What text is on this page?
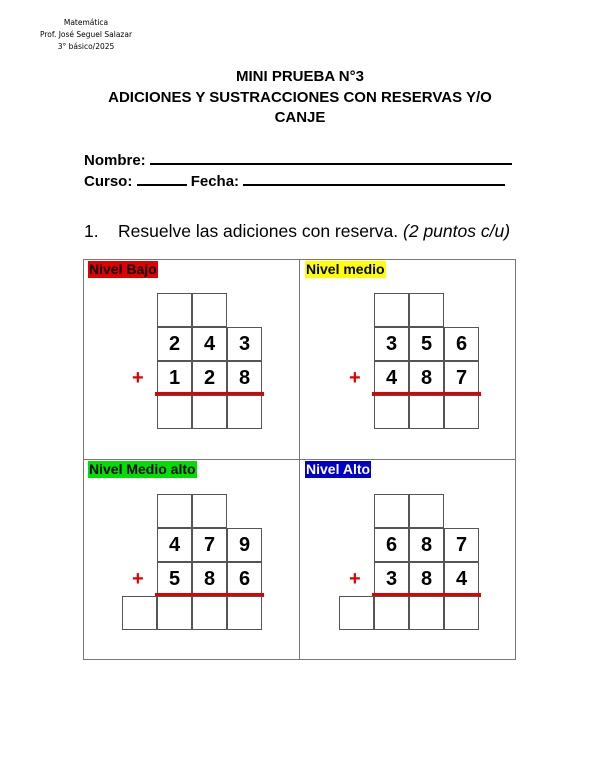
Matemática
Prof. José Seguel Salazar
3° básico/2025
MINI PRUEBA N°3
ADICIONES Y SUSTRACCIONES CON RESERVAS Y/O
CANJE
Nombre:
Curso:	Fecha:
1. Resuelve las adiciones con reserva. (2 puntos c/u)
Nivel Bajo
2	4	3
1	2	8
+
Nivel medio
3	5	6
4	8	7
+
Nivel Medio alto
4	7	9
5	8	6
+
Nivel Alto
6	8	7
3	8	4
+
